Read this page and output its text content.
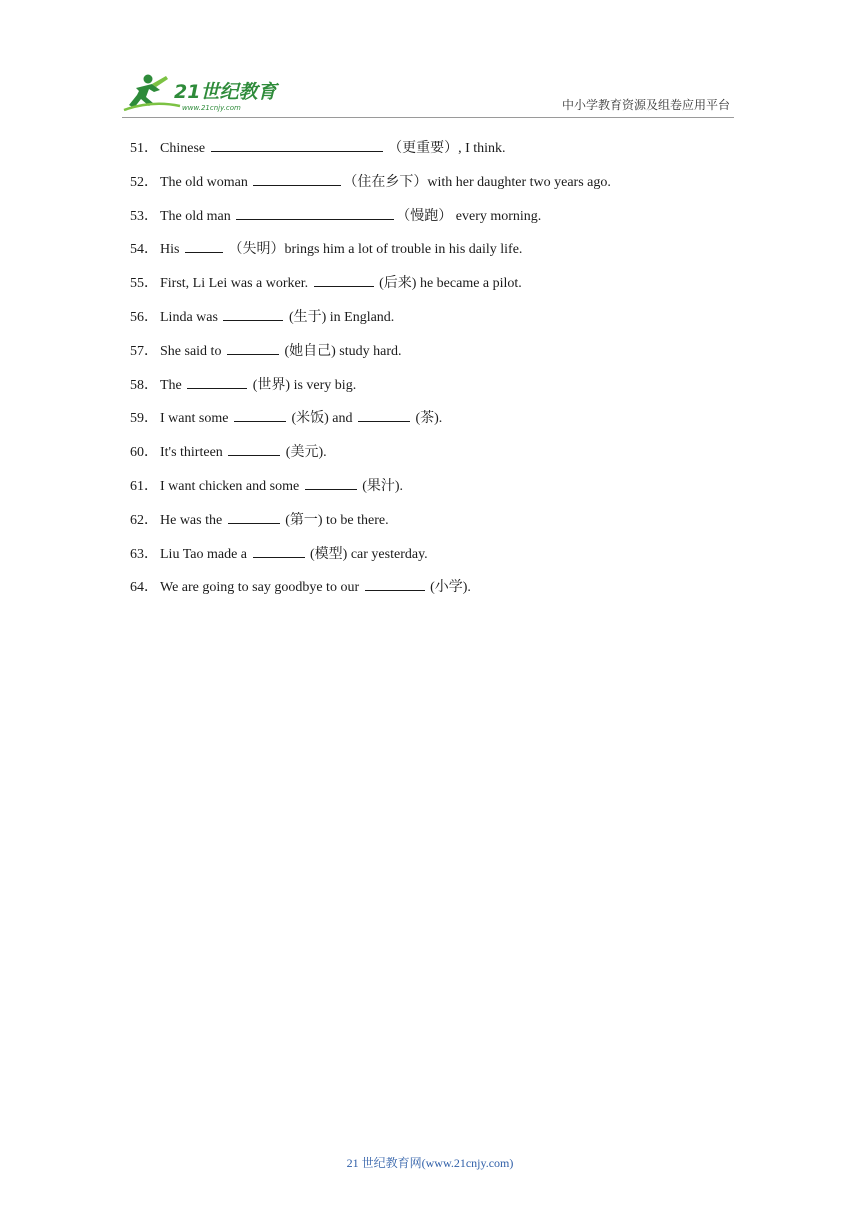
21世纪教育
www.21cnjy.com	中小学教育资源及组卷应用平台
51． Chinese	（更重要）, I think.
52． The old woman	（住在乡下）with her daughter two years ago.
53． The old man	（慢跑） every morning.
54． His	（失明）brings him a lot of trouble in his daily life.
55． First, Li Lei was a worker.	(后来) he became a pilot.
56． Linda was	(生于) in England.
57． She said to	(她自己) study hard.
58． The	(世界) is very big.
59． I want some	(米饭) and	(茶).
60． It's thirteen	(美元).
61． I want chicken and some	(果汁).
62． He was the	(第一) to be there.
63． Liu Tao made a	(模型) car yesterday.
64． We are going to say goodbye to our	(小学).
21 世纪教育网(www.21cnjy.com)
